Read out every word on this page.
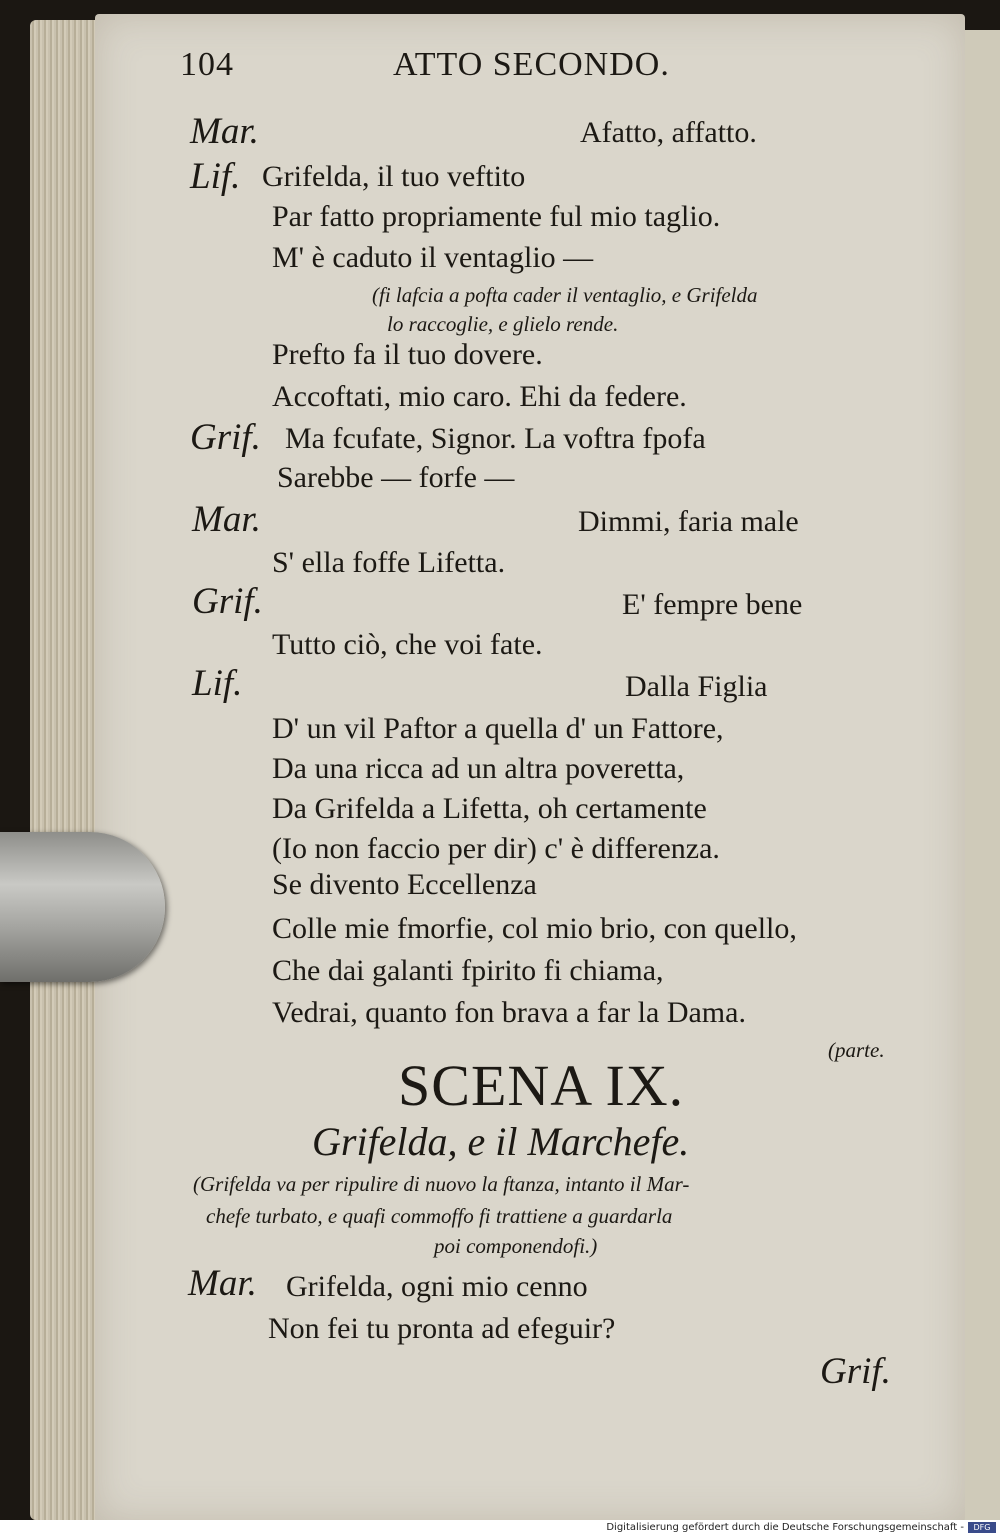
104	ATTO SECONDO.
Mar.	Afatto, affatto.
Lif. Grifelda, il tuo veftito
Par fatto propriamente ful mio taglio.
M' è caduto il ventaglio —
(fi lafcia a pofta cader il ventaglio, e Grifelda
lo raccoglie, e glielo rende.
Prefto fa il tuo dovere.
Accoftati, mio caro. Ehi da federe.
Grif. Ma fcufate, Signor. La voftra fpofa
Sarebbe — forfe —
Mar.	Dimmi, faria male
S' ella foffe Lifetta.
Grif.	E' fempre bene
Tutto ciò, che voi fate.
Lif.	Dalla Figlia
D' un vil Paftor a quella d' un Fattore,
Da una ricca ad un altra poveretta,
Da Grifelda a Lifetta, oh certamente
(Io non faccio per dir) c' è differenza.
Se divento Eccellenza
Colle mie fmorfie, col mio brio, con quello,
Che dai galanti fpirito fi chiama,
Vedrai, quanto fon brava a far la Dama.
(parte.
SCENA IX.
Grifelda, e il Marchefe.
(Grifelda va per ripulire di nuovo la ftanza, intanto il Mar-
chefe turbato, e quafi commoffo fi trattiene a guardarla
poi componendofi.)
Mar. Grifelda, ogni mio cenno
Non fei tu pronta ad efeguir?
Grif.
Digitalisierung gefördert durch die Deutsche Forschungsgemeinschaft -	DFG
